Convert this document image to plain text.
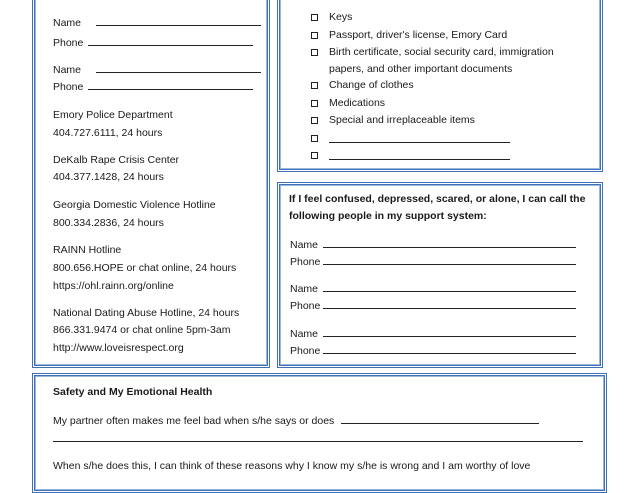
Name
Phone
Name
Phone
Emory Police Department
404.727.6111, 24 hours
DeKalb Rape Crisis Center
404.377.1428, 24 hours
Georgia Domestic Violence Hotline
800.334.2836, 24 hours
RAINN Hotline
800.656.HOPE or chat online, 24 hours
https://ohl.rainn.org/online
National Dating Abuse Hotline, 24 hours
866.331.9474 or chat online 5pm-3am
http://www.loveisrespect.org
Keys
Passport, driver's license, Emory Card
Birth certificate, social security card, immigration
papers, and other important documents
Change of clothes
Medications
Special and irreplaceable items
If I feel confused, depressed, scared, or alone, I can call the
following people in my support system:
Name
Phone
Name
Phone
Name
Phone
Safety and My Emotional Health
My partner often makes me feel bad when s/he says or does
When s/he does this, I can think of these reasons why I know my s/he is wrong and I am worthy of love
